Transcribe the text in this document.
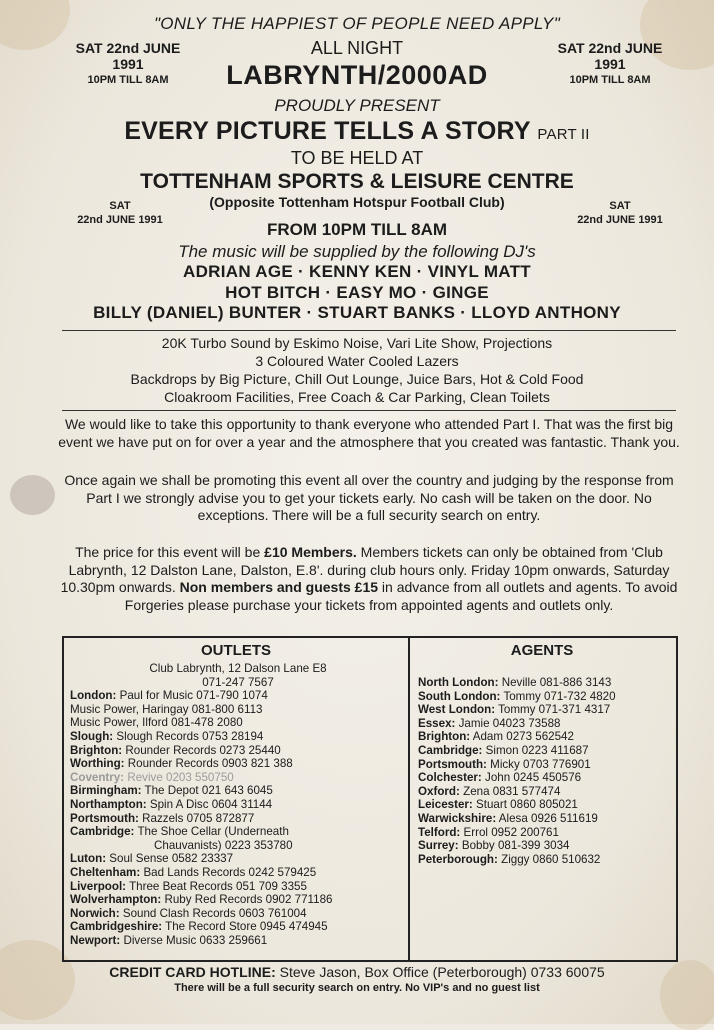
"ONLY THE HAPPIEST OF PEOPLE NEED APPLY"
SAT 22nd JUNE
1991
10PM TILL 8AM
SAT 22nd JUNE
1991
10PM TILL 8AM
ALL NIGHT
LABRYNTH/2000AD
PROUDLY PRESENT
EVERY PICTURE TELLS A STORY PART II
TO BE HELD AT
TOTTENHAM SPORTS & LEISURE CENTRE
(Opposite Tottenham Hotspur Football Club)
SAT
22nd JUNE 1991
SAT
22nd JUNE 1991
FROM 10PM TILL 8AM
The music will be supplied by the following DJ's
ADRIAN AGE · KENNY KEN · VINYL MATT
HOT BITCH · EASY MO · GINGE
BILLY (DANIEL) BUNTER · STUART BANKS · LLOYD ANTHONY
20K Turbo Sound by Eskimo Noise, Vari Lite Show, Projections
3 Coloured Water Cooled Lazers
Backdrops by Big Picture, Chill Out Lounge, Juice Bars, Hot & Cold Food
Cloakroom Facilities, Free Coach & Car Parking, Clean Toilets
We would like to take this opportunity to thank everyone who attended Part I. That was the first big event we have put on for over a year and the atmosphere that you created was fantastic. Thank you.
Once again we shall be promoting this event all over the country and judging by the response from Part I we strongly advise you to get your tickets early. No cash will be taken on the door. No exceptions. There will be a full security search on entry.
The price for this event will be £10 Members. Members tickets can only be obtained from 'Club Labrynth, 12 Dalston Lane, Dalston, E.8'. during club hours only. Friday 10pm onwards, Saturday 10.30pm onwards. Non members and guests £15 in advance from all outlets and agents. To avoid Forgeries please purchase your tickets from appointed agents and outlets only.
OUTLETS	AGENTS
Club Labrynth, 12 Dalson Lane E8
071-247 7567
London: Paul for Music 071-790 1074
Music Power, Haringay 081-800 6113
Music Power, Ilford 081-478 2080
Slough: Slough Records 0753 28194
Brighton: Rounder Records 0273 25440
Worthing: Rounder Records 0903 821 388
Coventry: Revive 0203 550750
Birmingham: The Depot 021 643 6045
Northampton: Spin A Disc 0604 31144
Portsmouth: Razzels 0705 872877
Cambridge: The Shoe Cellar (Underneath
Chauvanists) 0223 353780
Luton: Soul Sense 0582 23337
Cheltenham: Bad Lands Records 0242 579425
Liverpool: Three Beat Records 051 709 3355
Wolverhampton: Ruby Red Records 0902 771186
Norwich: Sound Clash Records 0603 761004
Cambridgeshire: The Record Store 0945 474945
Newport: Diverse Music 0633 259661
North London: Neville 081-886 3143
South London: Tommy 071-732 4820
West London: Tommy 071-371 4317
Essex: Jamie 04023 73588
Brighton: Adam 0273 562542
Cambridge: Simon 0223 411687
Portsmouth: Micky 0703 776901
Colchester: John 0245 450576
Oxford: Zena 0831 577474
Leicester: Stuart 0860 805021
Warwickshire: Alesa 0926 511619
Telford: Errol 0952 200761
Surrey: Bobby 081-399 3034
Peterborough: Ziggy 0860 510632
CREDIT CARD HOTLINE: Steve Jason, Box Office (Peterborough) 0733 60075
There will be a full security search on entry. No VIP's and no guest list
